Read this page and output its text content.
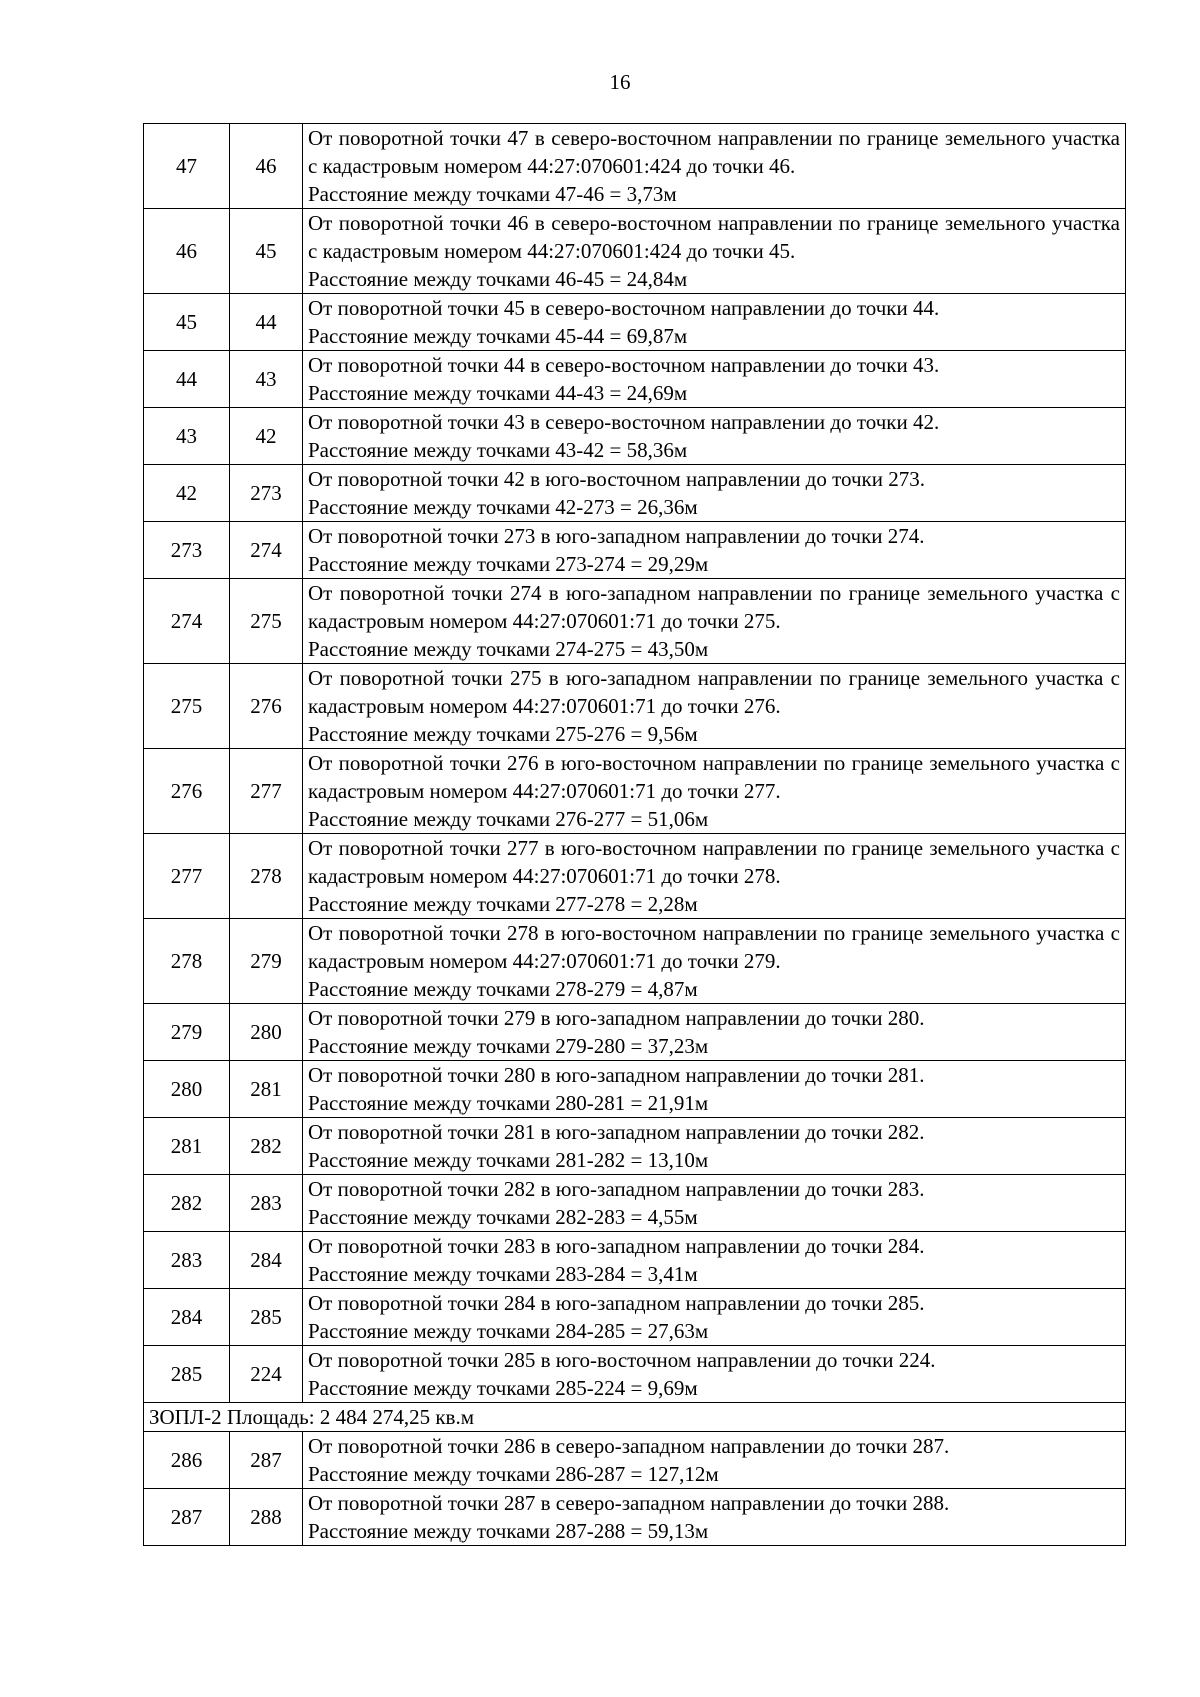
16
47	46	От поворотной точки 47 в северо-восточном направлении по границе земельного участка с кадастровым номером 44:27:070601:424 до точки 46.
Расстояние между точками 47-46 = 3,73м

46	45	От поворотной точки 46 в северо-восточном направлении по границе земельного участка с кадастровым номером 44:27:070601:424 до точки 45.
Расстояние между точками 46-45 = 24,84м

45	44	От поворотной точки 45 в северо-восточном направлении до точки 44.
Расстояние между точками 45-44 = 69,87м

44	43	От поворотной точки 44 в северо-восточном направлении до точки 43.
Расстояние между точками 44-43 = 24,69м

43	42	От поворотной точки 43 в северо-восточном направлении до точки 42.
Расстояние между точками 43-42 = 58,36м

42	273	От поворотной точки 42 в юго-восточном направлении до точки 273.
Расстояние между точками 42-273 = 26,36м

273	274	От поворотной точки 273 в юго-западном направлении до точки 274.
Расстояние между точками 273-274 = 29,29м

274	275	От поворотной точки 274 в юго-западном направлении по границе земельного участка с кадастровым номером 44:27:070601:71 до точки 275.
Расстояние между точками 274-275 = 43,50м

275	276	От поворотной точки 275 в юго-западном направлении по границе земельного участка с кадастровым номером 44:27:070601:71 до точки 276.
Расстояние между точками 275-276 = 9,56м

276	277	От поворотной точки 276 в юго-восточном направлении по границе земельного участка с кадастровым номером 44:27:070601:71 до точки 277.
Расстояние между точками 276-277 = 51,06м

277	278	От поворотной точки 277 в юго-восточном направлении по границе земельного участка с кадастровым номером 44:27:070601:71 до точки 278.
Расстояние между точками 277-278 = 2,28м

278	279	От поворотной точки 278 в юго-восточном направлении по границе земельного участка с кадастровым номером 44:27:070601:71 до точки 279.
Расстояние между точками 278-279 = 4,87м

279	280	От поворотной точки 279 в юго-западном направлении до точки 280.
Расстояние между точками 279-280 = 37,23м

280	281	От поворотной точки 280 в юго-западном направлении до точки 281.
Расстояние между точками 280-281 = 21,91м

281	282	От поворотной точки 281 в юго-западном направлении до точки 282.
Расстояние между точками 281-282 = 13,10м

282	283	От поворотной точки 282 в юго-западном направлении до точки 283.
Расстояние между точками 282-283 = 4,55м

283	284	От поворотной точки 283 в юго-западном направлении до точки 284.
Расстояние между точками 283-284 = 3,41м

284	285	От поворотной точки 284 в юго-западном направлении до точки 285.
Расстояние между точками 284-285 = 27,63м

285	224	От поворотной точки 285 в юго-восточном направлении до точки 224.
Расстояние между точками 285-224 = 9,69м

ЗОПЛ-2 Площадь: 2 484 274,25 кв.м		
286	287	От поворотной точки 286 в северо-западном направлении до точки 287.
Расстояние между точками 286-287 = 127,12м

287	288	От поворотной точки 287 в северо-западном направлении до точки 288.
Расстояние между точками 287-288 = 59,13м
